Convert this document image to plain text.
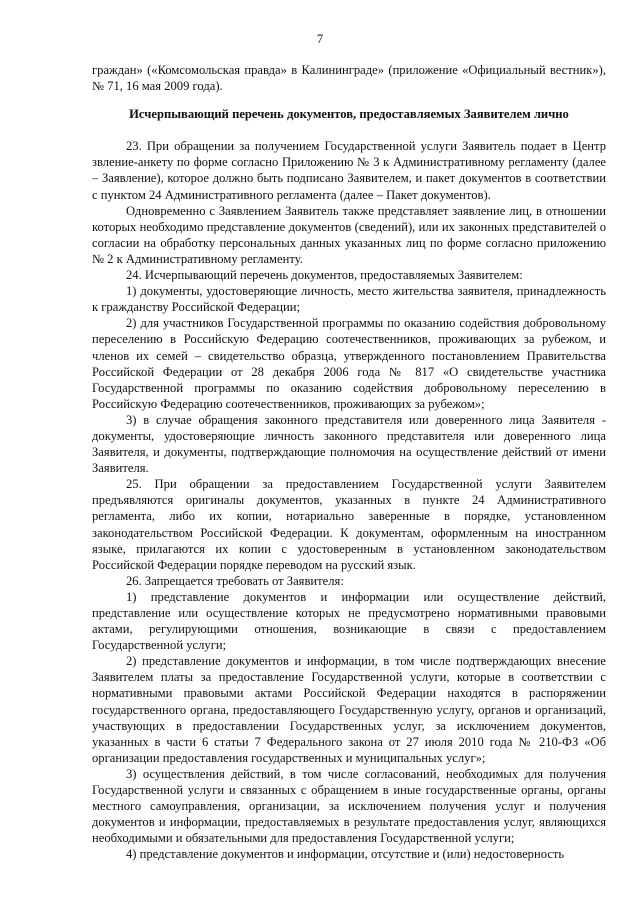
7

граждан» («Комсомольская правда» в Калининграде» (приложение «Официальный вестник»), № 71, 16 мая 2009 года).

Исчерпывающий перечень документов, предоставляемых Заявителем лично

23. При обращении за получением Государственной услуги Заявитель подает в Центр звление-анкету по форме согласно Приложению № 3 к Административному регламенту (далее – Заявление), которое должно быть подписано Заявителем, и пакет документов в соответствии с пунктом 24 Административного регламента (далее – Пакет документов).

Одновременно с Заявлением Заявитель также представляет заявление лиц, в отношении которых необходимо представление документов (сведений), или их законных представителей о согласии на обработку персональных данных указанных лиц по форме согласно приложению № 2 к Административному регламенту.

24. Исчерпывающий перечень документов, предоставляемых Заявителем:

1) документы, удостоверяющие личность, место жительства заявителя, принадлежность к гражданству Российской Федерации;

2) для участников Государственной программы по оказанию содействия добровольному переселению в Российскую Федерацию соотечественников, проживающих за рубежом, и членов их семей – свидетельство образца, утвержденного постановлением Правительства Российской Федерации от 28 декабря 2006 года № 817 «О свидетельстве участника Государственной программы по оказанию содействия добровольному переселению в Российскую Федерацию соотечественников, проживающих за рубежом»;

3) в случае обращения законного представителя или доверенного лица Заявителя - документы, удостоверяющие личность законного представителя или доверенного лица Заявителя, и документы, подтверждающие полномочия на осуществление действий от имени Заявителя.

25. При обращении за предоставлением Государственной услуги Заявителем предъявляются оригиналы документов, указанных в пункте 24 Административного регламента, либо их копии, нотариально заверенные в порядке, установленном законодательством Российской Федерации. К документам, оформленным на иностранном языке, прилагаются их копии с удостоверенным в установленном законодательством Российской Федерации порядке переводом на русский язык.

26. Запрещается требовать от Заявителя:

1) представление документов и информации или осуществление действий, представление или осуществление которых не предусмотрено нормативными правовыми актами, регулирующими отношения, возникающие в связи с предоставлением Государственной услуги;

2) представление документов и информации, в том числе подтверждающих внесение Заявителем платы за предоставление Государственной услуги, которые в соответствии с нормативными правовыми актами Российской Федерации находятся в распоряжении государственного органа, предоставляющего Государственную услугу, органов и организаций, участвующих в предоставлении Государственных услуг, за исключением документов, указанных в части 6 статьи 7 Федерального закона от 27 июля 2010 года № 210-ФЗ «Об организации предоставления государственных и муниципальных услуг»;

3) осуществления действий, в том числе согласований, необходимых для получения Государственной услуги и связанных с обращением в иные государственные органы, органы местного самоуправления, организации, за исключением получения услуг и получения документов и информации, предоставляемых в результате предоставления услуг, являющихся необходимыми и обязательными для предоставления Государственной услуги;

4) представление документов и информации, отсутствие и (или) недостоверность
